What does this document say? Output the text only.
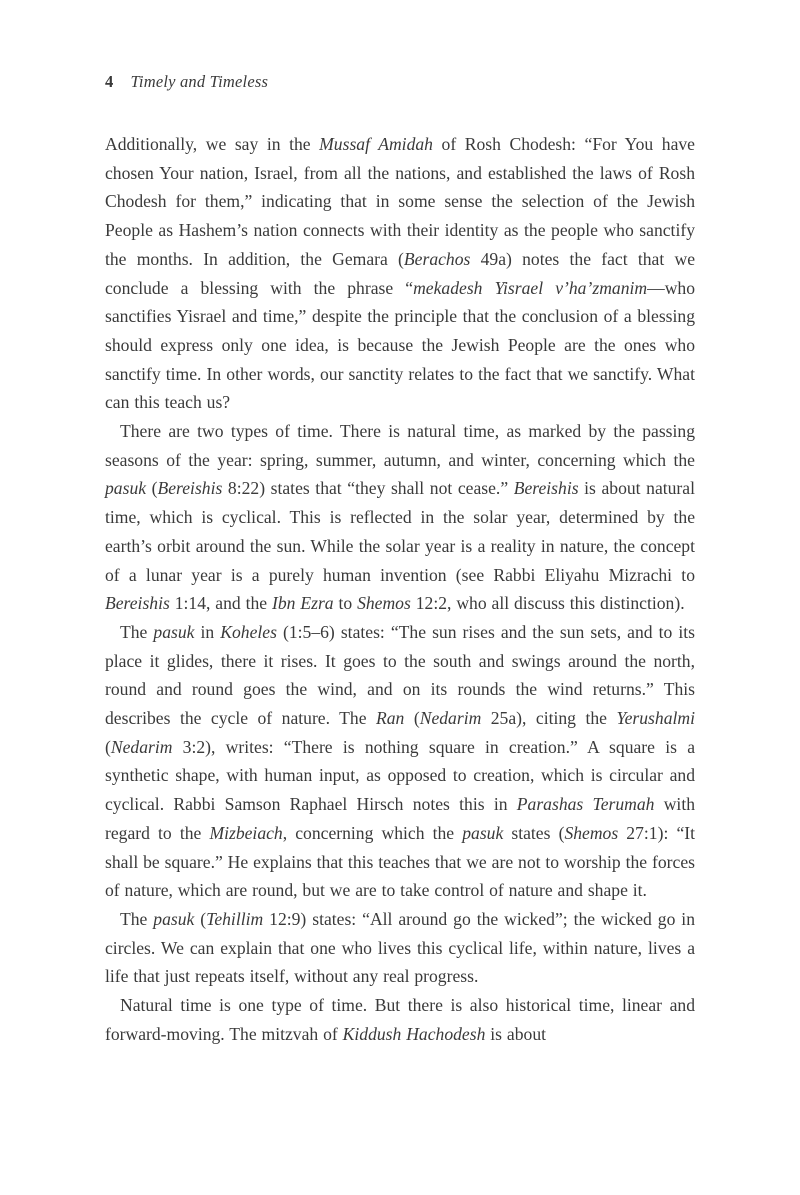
4 Timely and Timeless

Additionally, we say in the Mussaf Amidah of Rosh Chodesh: “For You have chosen Your nation, Israel, from all the nations, and established the laws of Rosh Chodesh for them,” indicating that in some sense the selection of the Jewish People as Hashem’s nation connects with their identity as the people who sanctify the months. In addition, the Gemara (Berachos 49a) notes the fact that we conclude a blessing with the phrase “mekadesh Yisrael v’ha’zmanim—who sanctifies Yisrael and time,” despite the principle that the conclusion of a blessing should express only one idea, is because the Jewish People are the ones who sanctify time. In other words, our sanctity relates to the fact that we sanctify. What can this teach us?

There are two types of time. There is natural time, as marked by the passing seasons of the year: spring, summer, autumn, and winter, concerning which the pasuk (Bereishis 8:22) states that “they shall not cease.” Bereishis is about natural time, which is cyclical. This is reflected in the solar year, determined by the earth’s orbit around the sun. While the solar year is a reality in nature, the concept of a lunar year is a purely human invention (see Rabbi Eliyahu Mizrachi to Bereishis 1:14, and the Ibn Ezra to Shemos 12:2, who all discuss this distinction).

The pasuk in Koheles (1:5–6) states: “The sun rises and the sun sets, and to its place it glides, there it rises. It goes to the south and swings around the north, round and round goes the wind, and on its rounds the wind returns.” This describes the cycle of nature. The Ran (Nedarim 25a), citing the Yerushalmi (Nedarim 3:2), writes: “There is nothing square in creation.” A square is a synthetic shape, with human input, as opposed to creation, which is circular and cyclical. Rabbi Samson Raphael Hirsch notes this in Parashas Terumah with regard to the Mizbeiach, concerning which the pasuk states (Shemos 27:1): “It shall be square.” He explains that this teaches that we are not to worship the forces of nature, which are round, but we are to take control of nature and shape it.

The pasuk (Tehillim 12:9) states: “All around go the wicked”; the wicked go in circles. We can explain that one who lives this cyclical life, within nature, lives a life that just repeats itself, without any real progress.

Natural time is one type of time. But there is also historical time, linear and forward-moving. The mitzvah of Kiddush Hachodesh is about
